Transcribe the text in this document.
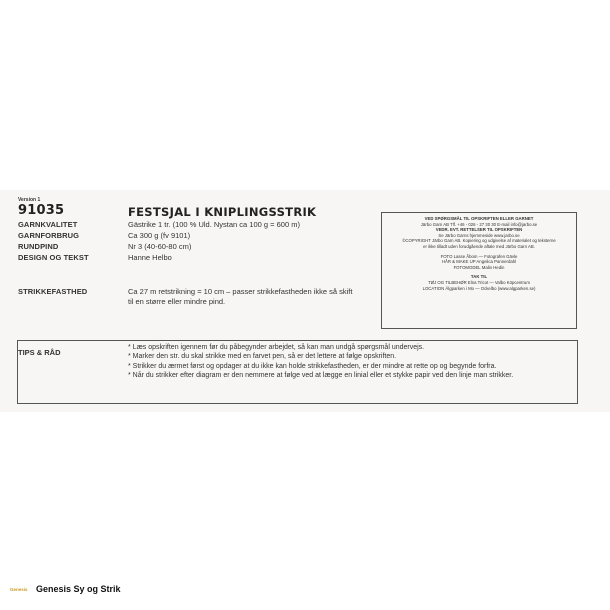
Version 1
91035	FESTSJAL I KNIPLINGSSTRIK
GARNKVALITET	Gästrike 1 tr. (100 % Uld. Nystan ca 100 g = 600 m)
GARNFORBRUG	Ca 300 g (fv 9101)
RUNDPIND	Nr 3 (40-60-80 cm)
DESIGN OG TEKST	Hanne Helbo
STRIKKEFASTHED	Ca 27 m retstrikning = 10 cm – passer strikkefastheden ikke så skift til en større eller mindre pind.
VED SPØRGSMÅL TIL OPSKRIFTEN ELLER GARNET
Järbo Garn AB Tlf. +46 - 026 - 27 30 30 E-mail info@jarbo.se
VEDR. EVT. RETTELSER TIL OPSKRIFTEN
Se Järbo Garns hjemmeside www.jarbo.se
©COPYRIGHT Järbo Garn AB. Kopiering og udgivelse af materialet og teksterne
er ikke tilladt uden forudgående aftale med Järbo Garn AB.
FOTO Lasse Åbom — Fotografen Gävle
HÅR & MAKE UP Angelica Pannerdahl
FOTOMODEL Malin Hedin
TAK TIL
TØJ OG TILBEHØR Elna Tricot — Valbo Köpcentrum
LOCATION Älgparken i Mo — Ockelbo (www.algparken.se)
TIPS & RÅD
* Læs opskriften igennem før du påbegynder arbejdet, så kan man undgå spørgsmål undervejs.
* Marker den str. du skal strikke med en farvet pen, så er det lettere at følge opskriften.
* Strikker du ærmet først og opdager at du ikke kan holde strikkefastheden, er der mindre at rette op og begynde forfra.
* Når du strikker efter diagram er den nemmere at følge ved at lægge en linial eller et stykke papir ved den linje man strikker.
Genesis Genesis Sy og Strik
